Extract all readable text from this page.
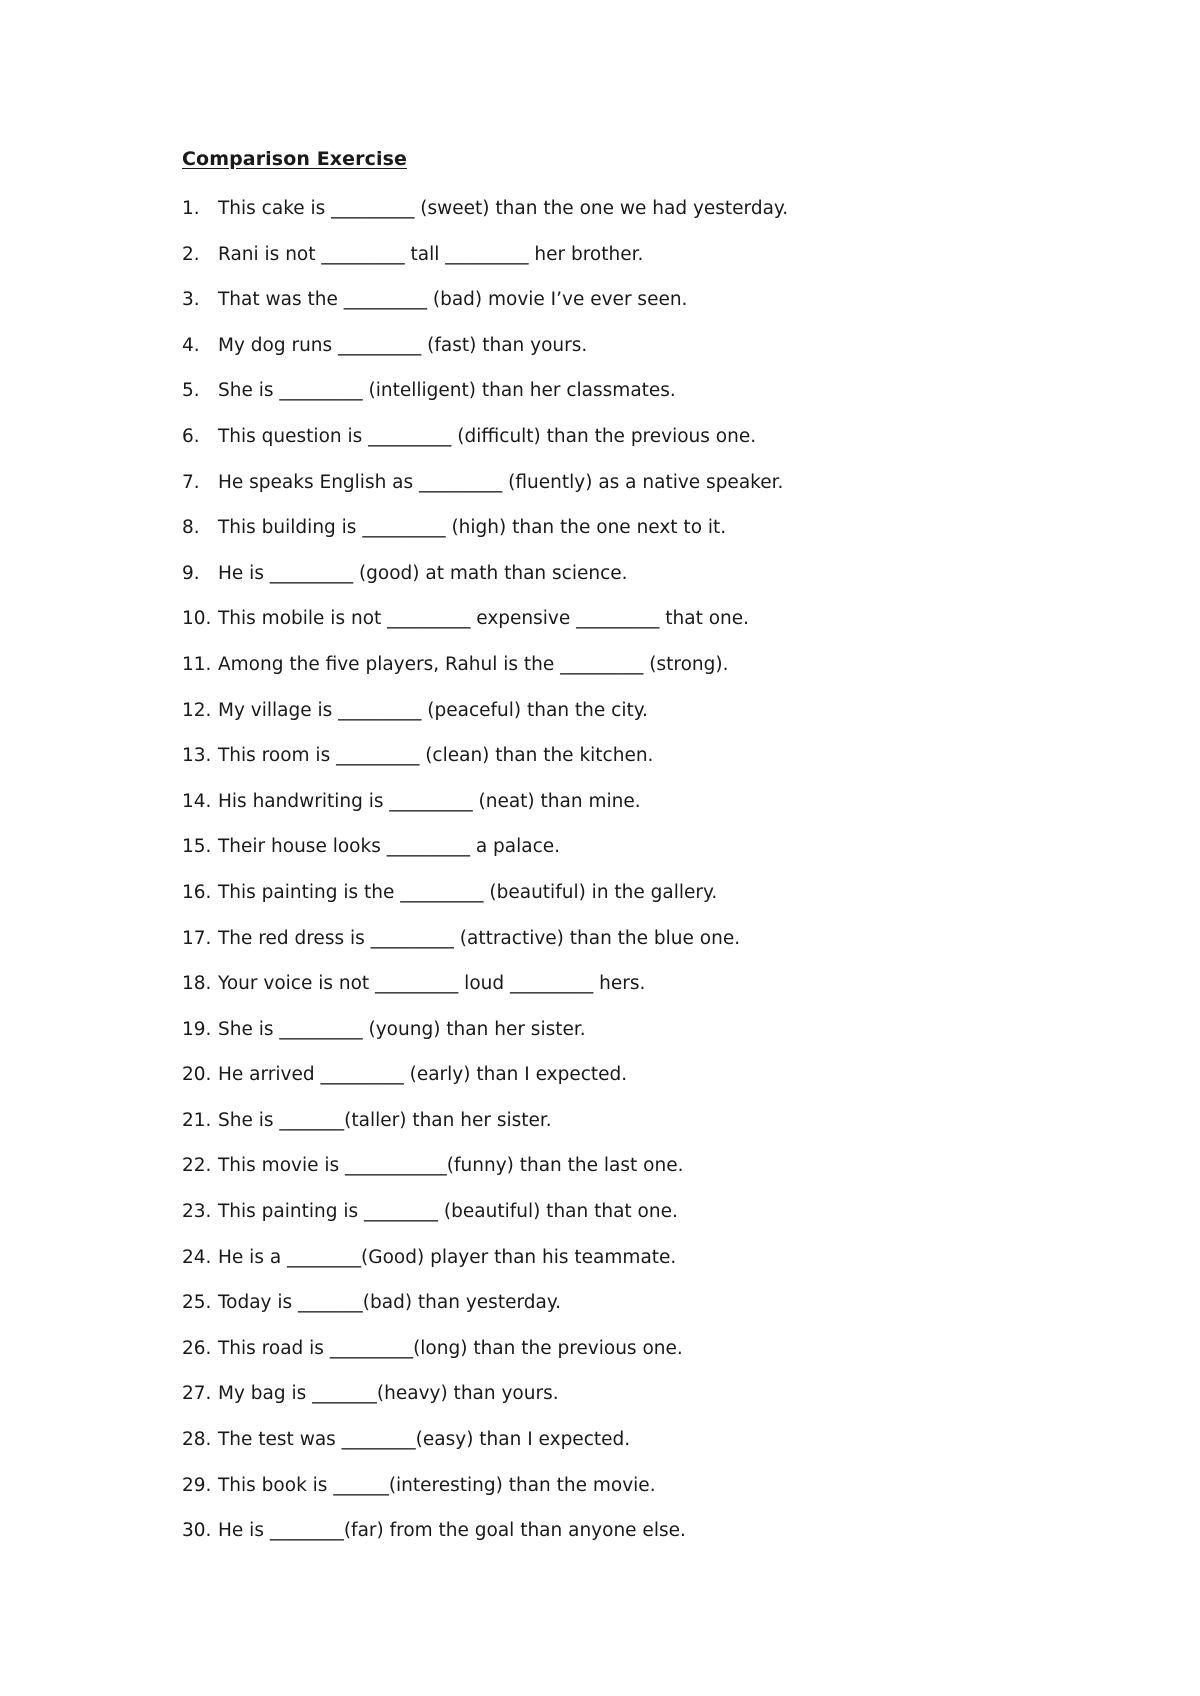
Comparison Exercise
1. This cake is _________ (sweet) than the one we had yesterday.
2. Rani is not _________ tall _________ her brother.
3. That was the _________ (bad) movie I’ve ever seen.
4. My dog runs _________ (fast) than yours.
5. She is _________ (intelligent) than her classmates.
6. This question is _________ (difficult) than the previous one.
7. He speaks English as _________ (fluently) as a native speaker.
8. This building is _________ (high) than the one next to it.
9. He is _________ (good) at math than science.
10. This mobile is not _________ expensive _________ that one.
11. Among the five players, Rahul is the _________ (strong).
12. My village is _________ (peaceful) than the city.
13. This room is _________ (clean) than the kitchen.
14. His handwriting is _________ (neat) than mine.
15. Their house looks _________ a palace.
16. This painting is the _________ (beautiful) in the gallery.
17. The red dress is _________ (attractive) than the blue one.
18. Your voice is not _________ loud _________ hers.
19. She is _________ (young) than her sister.
20. He arrived _________ (early) than I expected.
21. She is _______(taller) than her sister.
22. This movie is ___________(funny) than the last one.
23. This painting is ________ (beautiful) than that one.
24. He is a ________(Good) player than his teammate.
25. Today is _______(bad) than yesterday.
26. This road is _________(long) than the previous one.
27. My bag is _______(heavy) than yours.
28. The test was ________(easy) than I expected.
29. This book is ______(interesting) than the movie.
30. He is ________(far) from the goal than anyone else.
